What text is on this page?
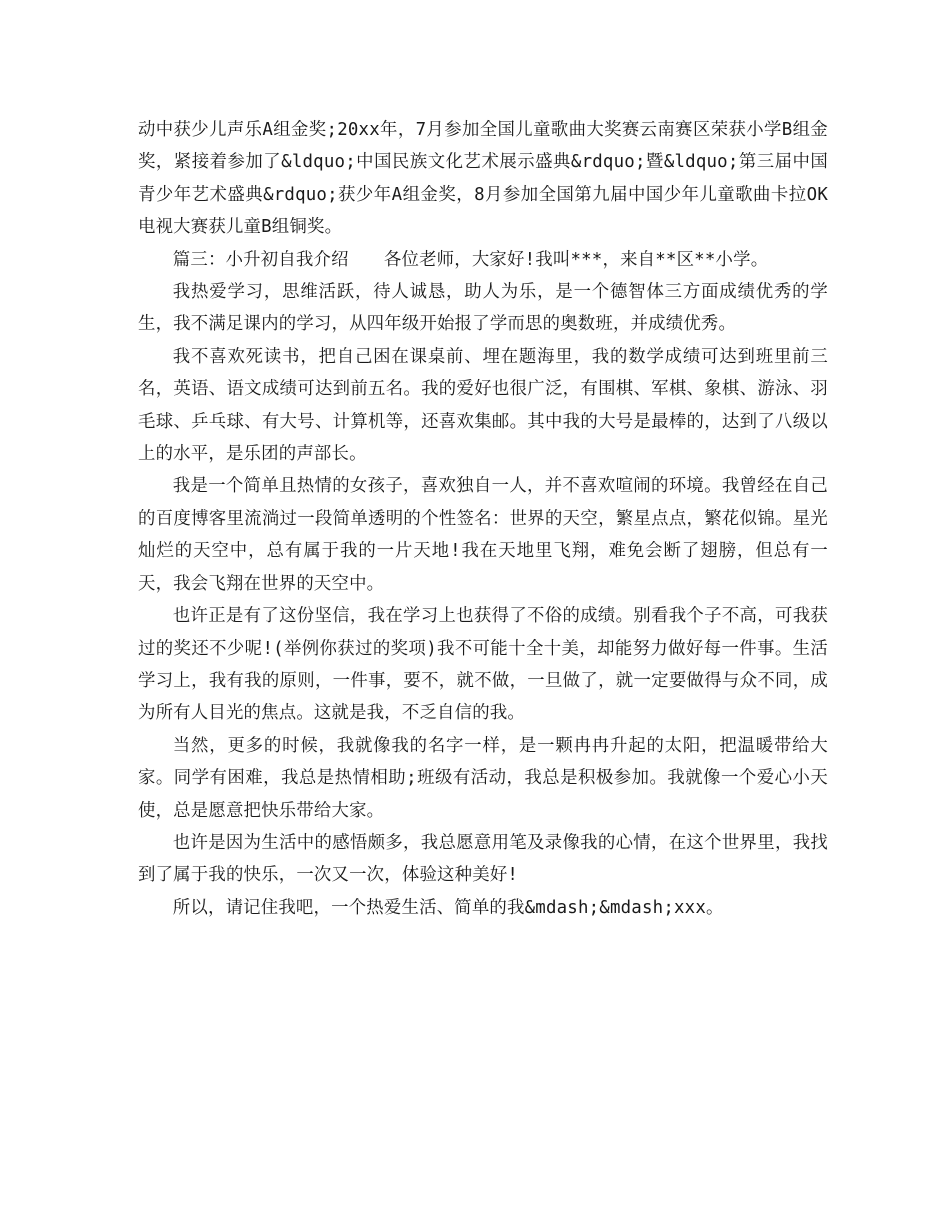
动中获少儿声乐A组金奖;20xx年，7月参加全国儿童歌曲大奖赛云南赛区荣获小学B组金奖，紧接着参加了&ldquo;中国民族文化艺术展示盛典&rdquo;暨&ldquo;第三届中国青少年艺术盛典&rdquo;获少年A组金奖，8月参加全国第九届中国少年儿童歌曲卡拉OK电视大赛获儿童B组铜奖。

篇三：小升初自我介绍　　各位老师，大家好!我叫***，来自**区**小学。

我热爱学习，思维活跃，待人诚恳，助人为乐，是一个德智体三方面成绩优秀的学生，我不满足课内的学习，从四年级开始报了学而思的奥数班，并成绩优秀。

我不喜欢死读书，把自己困在课桌前、埋在题海里，我的数学成绩可达到班里前三名，英语、语文成绩可达到前五名。我的爱好也很广泛，有围棋、军棋、象棋、游泳、羽毛球、乒乓球、有大号、计算机等，还喜欢集邮。其中我的大号是最棒的，达到了八级以上的水平，是乐团的声部长。

我是一个简单且热情的女孩子，喜欢独自一人，并不喜欢喧闹的环境。我曾经在自己的百度博客里流淌过一段简单透明的个性签名：世界的天空，繁星点点，繁花似锦。星光灿烂的天空中，总有属于我的一片天地!我在天地里飞翔，难免会断了翅膀，但总有一天，我会飞翔在世界的天空中。

也许正是有了这份坚信，我在学习上也获得了不俗的成绩。别看我个子不高，可我获过的奖还不少呢!(举例你获过的奖项)我不可能十全十美，却能努力做好每一件事。生活学习上，我有我的原则，一件事，要不，就不做，一旦做了，就一定要做得与众不同，成为所有人目光的焦点。这就是我，不乏自信的我。

当然，更多的时候，我就像我的名字一样，是一颗冉冉升起的太阳，把温暖带给大家。同学有困难，我总是热情相助;班级有活动，我总是积极参加。我就像一个爱心小天使，总是愿意把快乐带给大家。

也许是因为生活中的感悟颇多，我总愿意用笔及录像我的心情，在这个世界里，我找到了属于我的快乐，一次又一次，体验这种美好!

所以，请记住我吧，一个热爱生活、简单的我&mdash;&mdash;xxx。
